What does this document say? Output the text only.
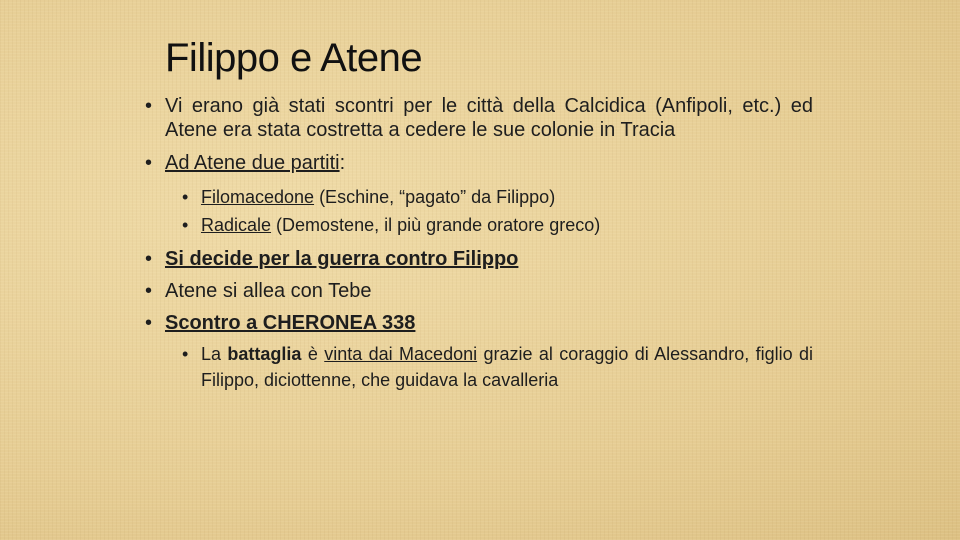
Filippo e Atene
• Vi erano già stati scontri per le città della Calcidica (Anfipoli, etc.) ed Atene era stata costretta a cedere le sue colonie in Tracia
• Ad Atene due partiti:
• Filomacedone (Eschine, “pagato” da Filippo)
• Radicale (Demostene, il più grande oratore greco)
• Si decide per la guerra contro Filippo
• Atene si allea con Tebe
• Scontro a CHERONEA 338
• La battaglia è vinta dai Macedoni grazie al coraggio di Alessandro, figlio di Filippo, diciottenne, che guidava la cavalleria
